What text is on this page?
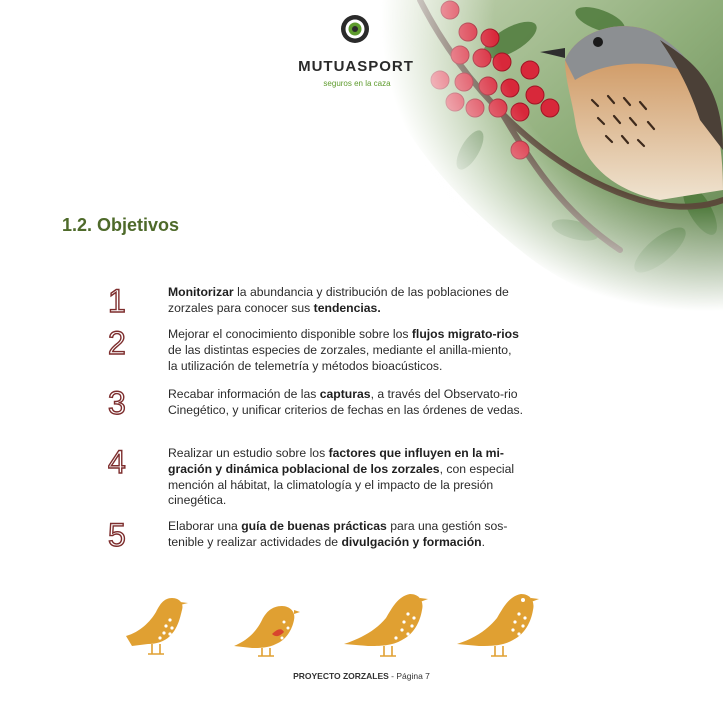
MUTUASPORT
seguros en la caza
1.2. Objetivos
1	Monitorizar la abundancia y distribución de las poblaciones de zorzales para conocer sus tendencias.
2	Mejorar el conocimiento disponible sobre los flujos migrato-rios de las distintas especies de zorzales, mediante el anilla-miento, la utilización de telemetría y métodos bioacústicos.
3	Recabar información de las capturas, a través del Observato-rio Cinegético, y unificar criterios de fechas en las órdenes de vedas.
4	Realizar un estudio sobre los factores que influyen en la mi-gración y dinámica poblacional de los zorzales, con especial mención al hábitat, la climatología y el impacto de la presión cinegética.
5	Elaborar una guía de buenas prácticas para una gestión sos-tenible y realizar actividades de divulgación y formación.
PROYECTO ZORZALES - Página 7
